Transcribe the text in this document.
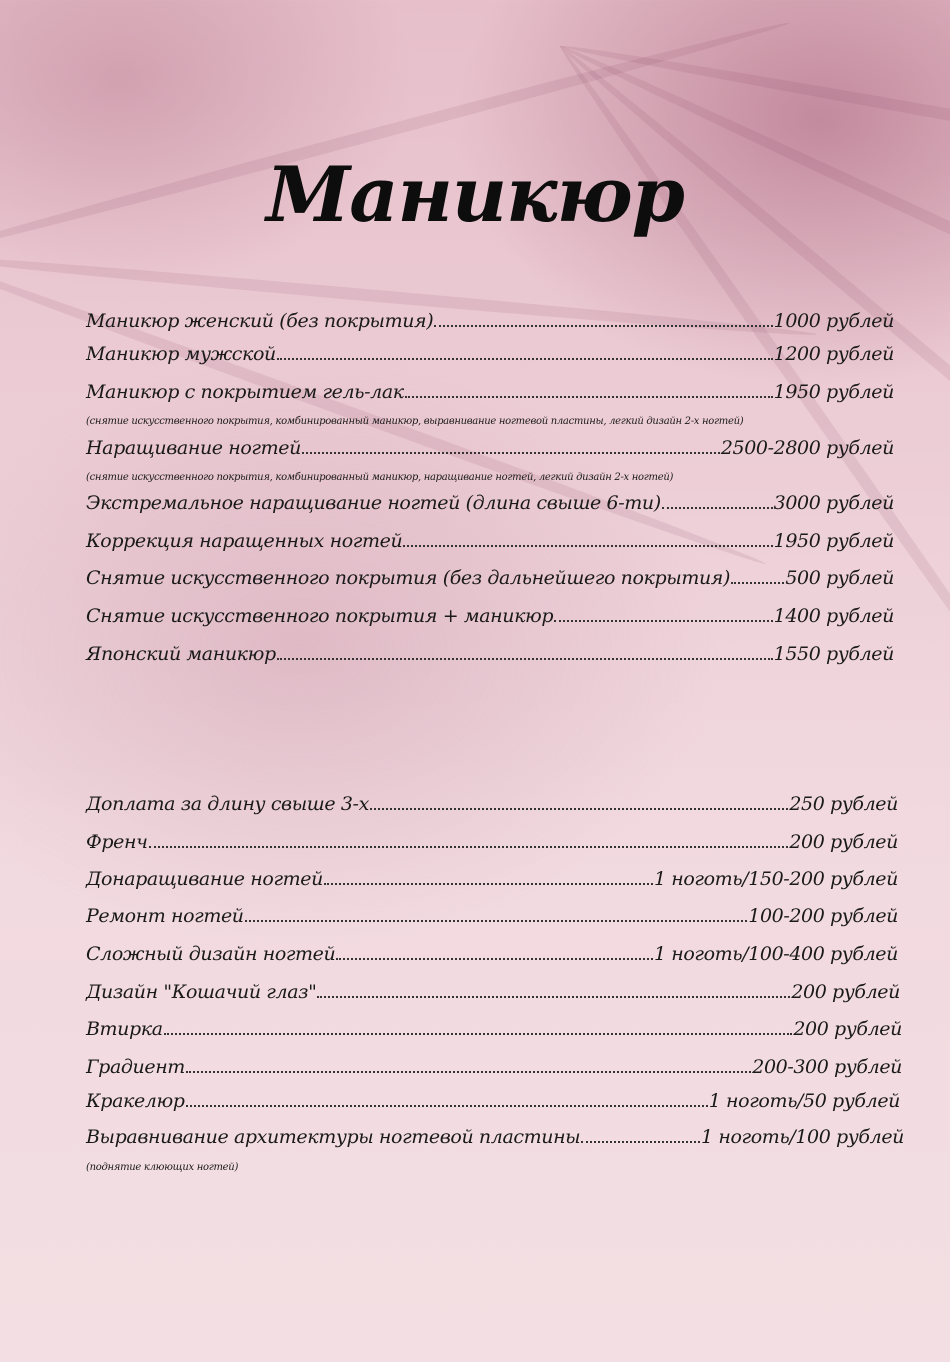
Маникюр
Маникюр женский (без покрытия)	1000 рублей
Маникюр мужской	1200 рублей
Маникюр с покрытием гель-лак	1950 рублей
(снятие искусственного покрытия, комбинированный маникюр, выравнивание ногтевой пластины, легкий дизайн 2-х ногтей)
Наращивание ногтей	2500-2800 рублей
(снятие искусственного покрытия, комбинированный маникюр, наращивание ногтей, легкий дизайн 2-х ногтей)
Экстремальное наращивание ногтей (длина свыше 6-ти)	3000 рублей
Коррекция наращенных ногтей	1950 рублей
Снятие искусственного покрытия (без дальнейшего покрытия)	500 рублей
Снятие искусственного покрытия + маникюр	1400 рублей
Японский маникюр	1550 рублей
Доплата за длину свыше 3-х	250 рублей
Френч	200 рублей
Донаращивание ногтей	1 ноготь/150-200 рублей
Ремонт ногтей	100-200 рублей
Сложный дизайн ногтей	1 ноготь/100-400 рублей
Дизайн "Кошачий глаз"	200 рублей
Втирка	200 рублей
Градиент	200-300 рублей
Кракелюр	1 ноготь/50 рублей
Выравнивание архитектуры ногтевой пластины	1 ноготь/100 рублей
(поднятие клюющих ногтей)
